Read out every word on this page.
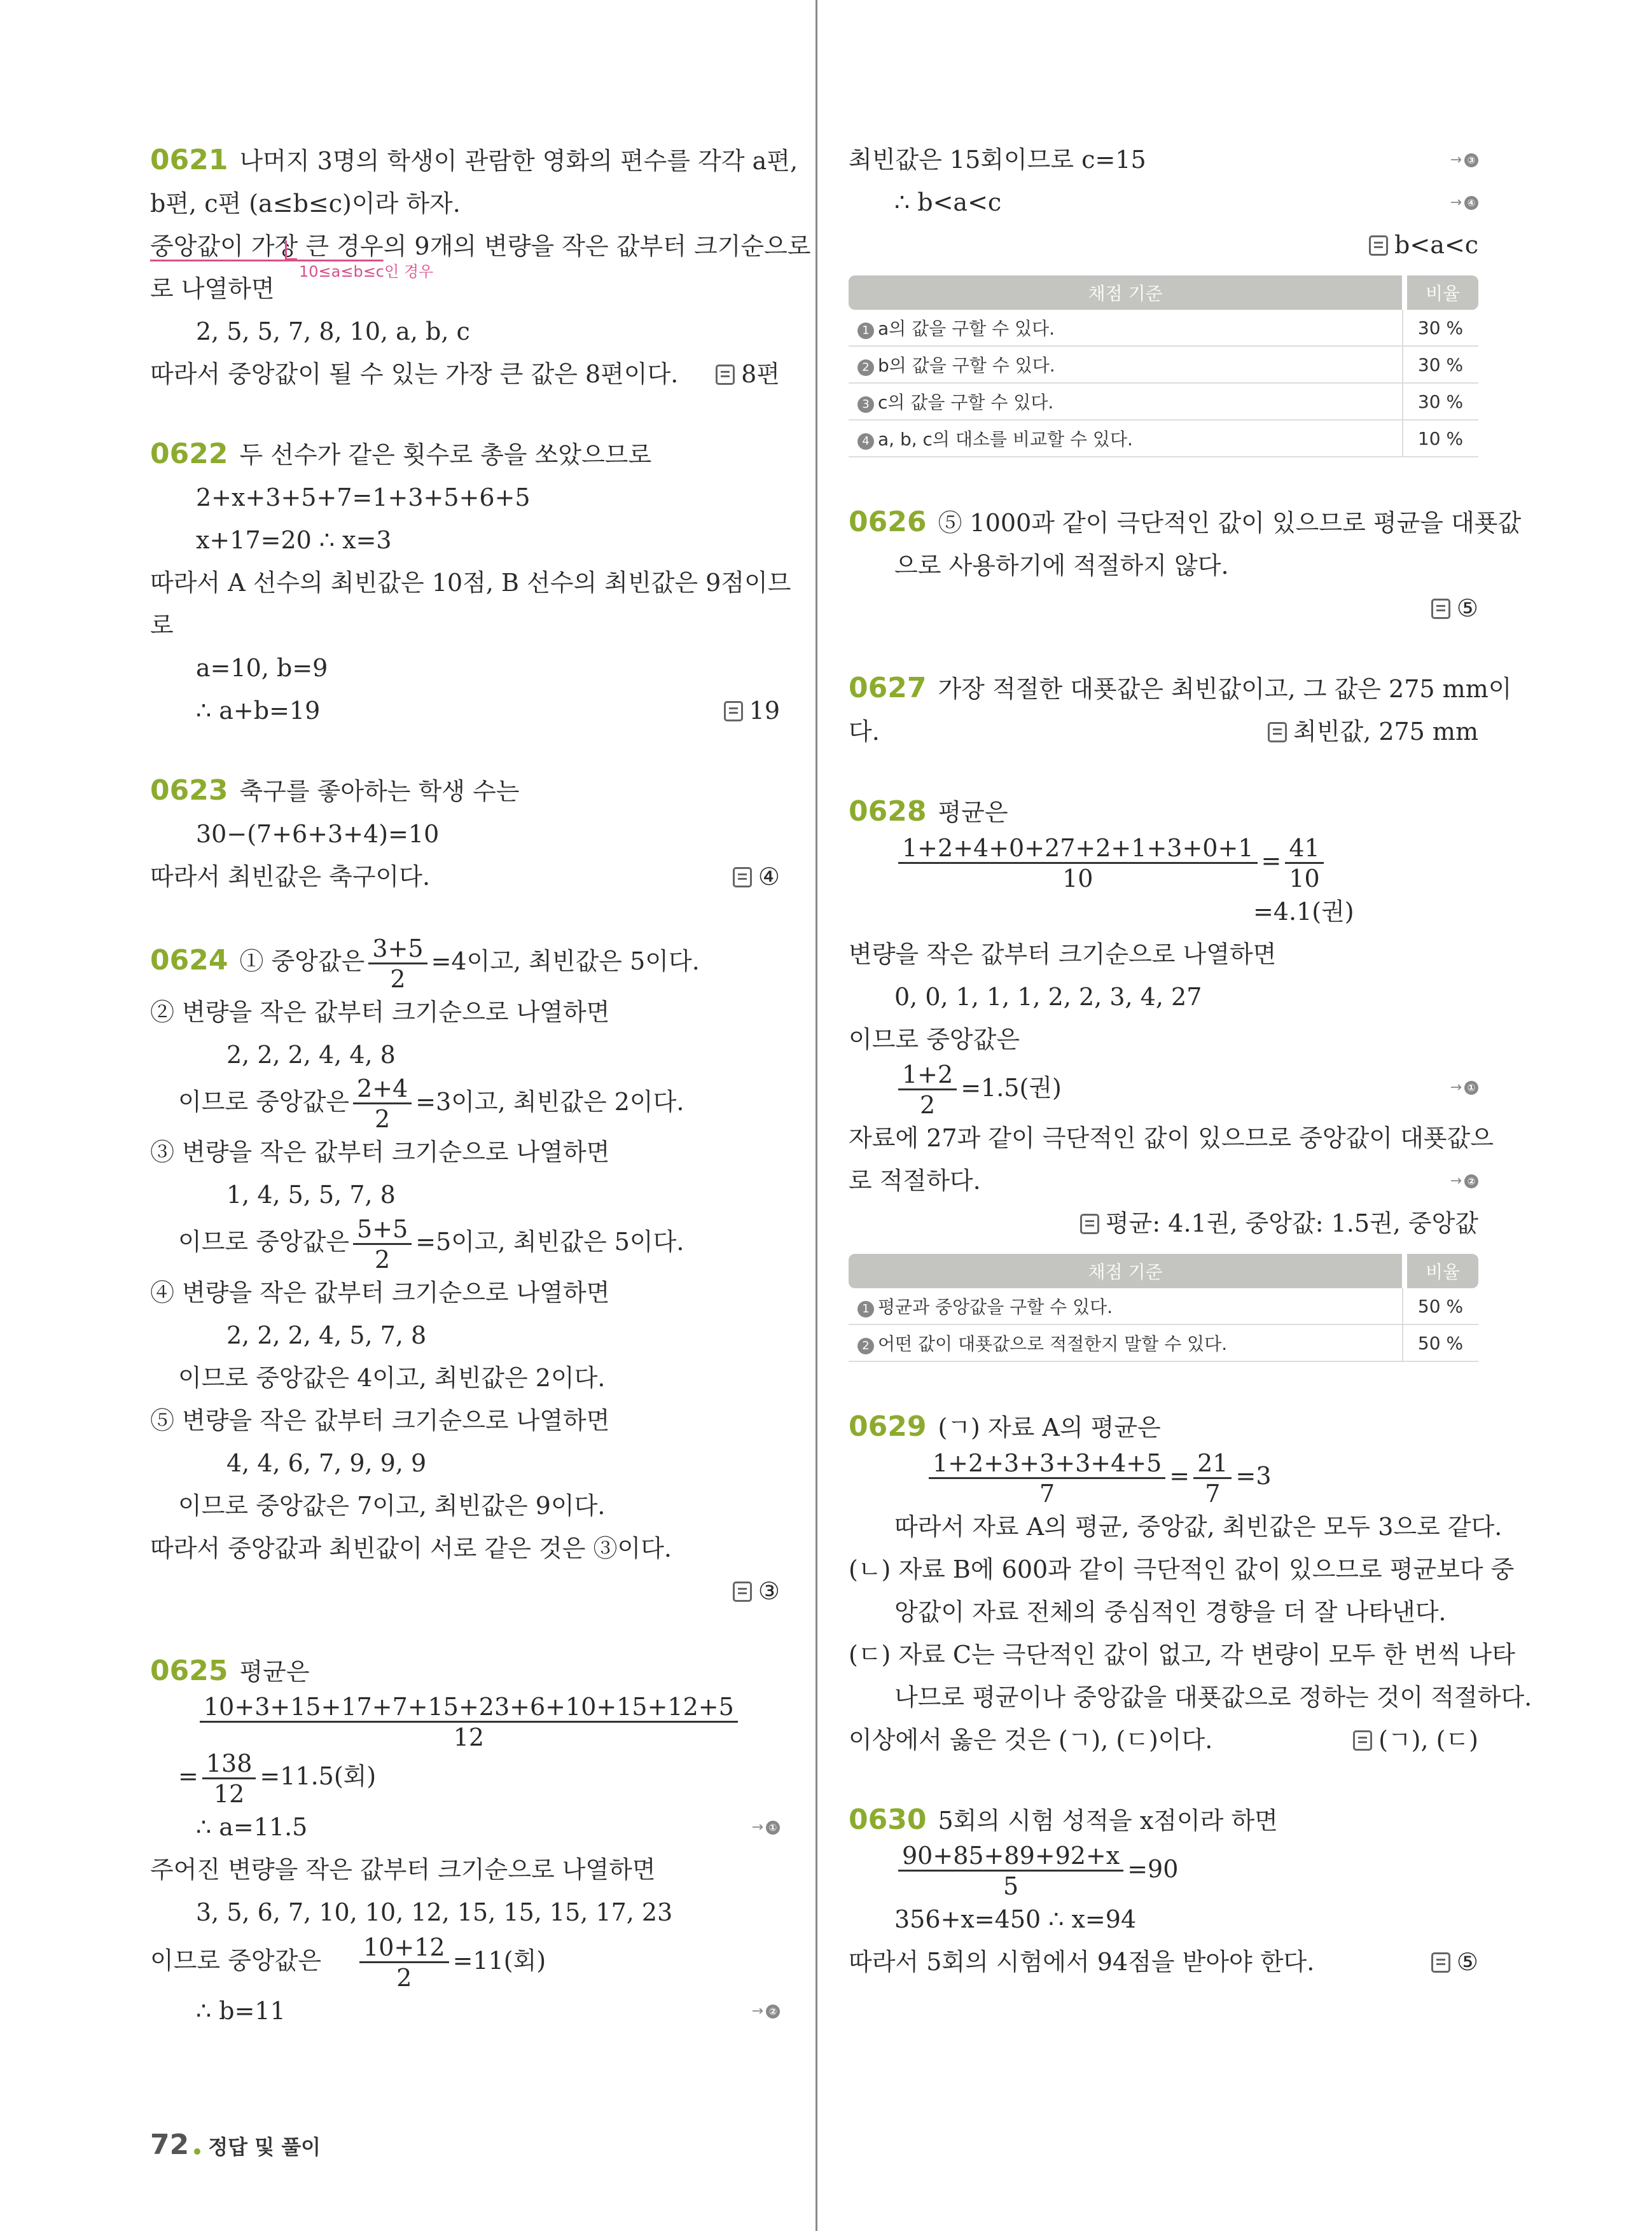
0621 나머지 3명의 학생이 관람한 영화의 편수를 각각 a편,
b편, c편 (a≤b≤c)이라 하자.
중앙값이 가장 큰 경우의 9개의 변량을 작은 값부터 크기순으로
10≤a≤b≤c인 경우
로 나열하면
2, 5, 5, 7, 8, 10, a, b, c
따라서 중앙값이 될 수 있는 가장 큰 값은 8편이다.	8편
0622 두 선수가 같은 횟수로 총을 쏘았으므로
2+x+3+5+7=1+3+5+6+5
x+17=20 ∴ x=3
따라서 A 선수의 최빈값은 10점, B 선수의 최빈값은 9점이므
로
a=10, b=9
∴ a+b=19	19
0623 축구를 좋아하는 학생 수는
30−(7+6+3+4)=10
따라서 최빈값은 축구이다.	④
0624 ① 중앙값은 $\frac{3+5}{2} =4$이고, 최빈값은 5이다.
② 변량을 작은 값부터 크기순으로 나열하면
2, 2, 2, 4, 4, 8
이므로 중앙값은 $\frac{2+4}{2} =3$이고, 최빈값은 2이다.
③ 변량을 작은 값부터 크기순으로 나열하면
1, 4, 5, 5, 7, 8
이므로 중앙값은 $\frac{5+5}{2} =5$이고, 최빈값은 5이다.
④ 변량을 작은 값부터 크기순으로 나열하면
2, 2, 2, 4, 5, 7, 8
이므로 중앙값은 4이고, 최빈값은 2이다.
⑤ 변량을 작은 값부터 크기순으로 나열하면
4, 4, 6, 7, 9, 9, 9
이므로 중앙값은 7이고, 최빈값은 9이다.
따라서 중앙값과 최빈값이 서로 같은 것은 ③이다.
③
0625 평균은
$\frac{10+3+15+17+7+15+23+6+10+15+12+5}{12}$
= $\frac{138}{12} =11.5$(회)
∴ a=11.5	→ ①
주어진 변량을 작은 값부터 크기순으로 나열하면
3, 5, 6, 7, 10, 10, 12, 15, 15, 15, 17, 23
이므로 중앙값은 $\frac{10+12}{2} =11$(회)
∴ b=11	→ ②
최빈값은 15회이므로 c=15	→ ③
∴ b<a<c	→ ④
b<a<c
채점 기준	비율
1 a의 값을 구할 수 있다.	30 %
2 b의 값을 구할 수 있다.	30 %
3 c의 값을 구할 수 있다.	30 %
4 a, b, c의 대소를 비교할 수 있다.	10 %
0626 ⑤ 1000과 같이 극단적인 값이 있으므로 평균을 대푯값
으로 사용하기에 적절하지 않다.
⑤
0627 가장 적절한 대푯값은 최빈값이고, 그 값은 275 mm이
다.	최빈값, 275 mm
0628 평균은
$\frac{1+2+4+0+27+2+1+3+0+1}{10} = \frac{41}{10}$
=4.1(권)
변량을 작은 값부터 크기순으로 나열하면
0, 0, 1, 1, 1, 2, 2, 3, 4, 27
이므로 중앙값은
$\frac{1+2}{2} =1.5$(권)	→ ①
자료에 27과 같이 극단적인 값이 있으므로 중앙값이 대푯값으
로 적절하다.	→ ②
평균: 4.1권, 중앙값: 1.5권, 중앙값
채점 기준	비율
1 평균과 중앙값을 구할 수 있다.	50 %
2 어떤 값이 대푯값으로 적절한지 말할 수 있다.	50 %
0629 (ㄱ) 자료 A의 평균은
$\frac{1+2+3+3+3+4+5}{7} = \frac{21}{7} =3$
따라서 자료 A의 평균, 중앙값, 최빈값은 모두 3으로 같다.
(ㄴ) 자료 B에 600과 같이 극단적인 값이 있으므로 평균보다 중
앙값이 자료 전체의 중심적인 경향을 더 잘 나타낸다.
(ㄷ) 자료 C는 극단적인 값이 없고, 각 변량이 모두 한 번씩 나타
나므로 평균이나 중앙값을 대푯값으로 정하는 것이 적절하다.
이상에서 옳은 것은 (ㄱ), (ㄷ)이다.	(ㄱ), (ㄷ)
0630 5회의 시험 성적을 x점이라 하면
$\frac{90+85+89+92+x}{5} =90$
356+x=450 ∴ x=94
따라서 5회의 시험에서 94점을 받아야 한다.	⑤
72 정답 및 풀이
